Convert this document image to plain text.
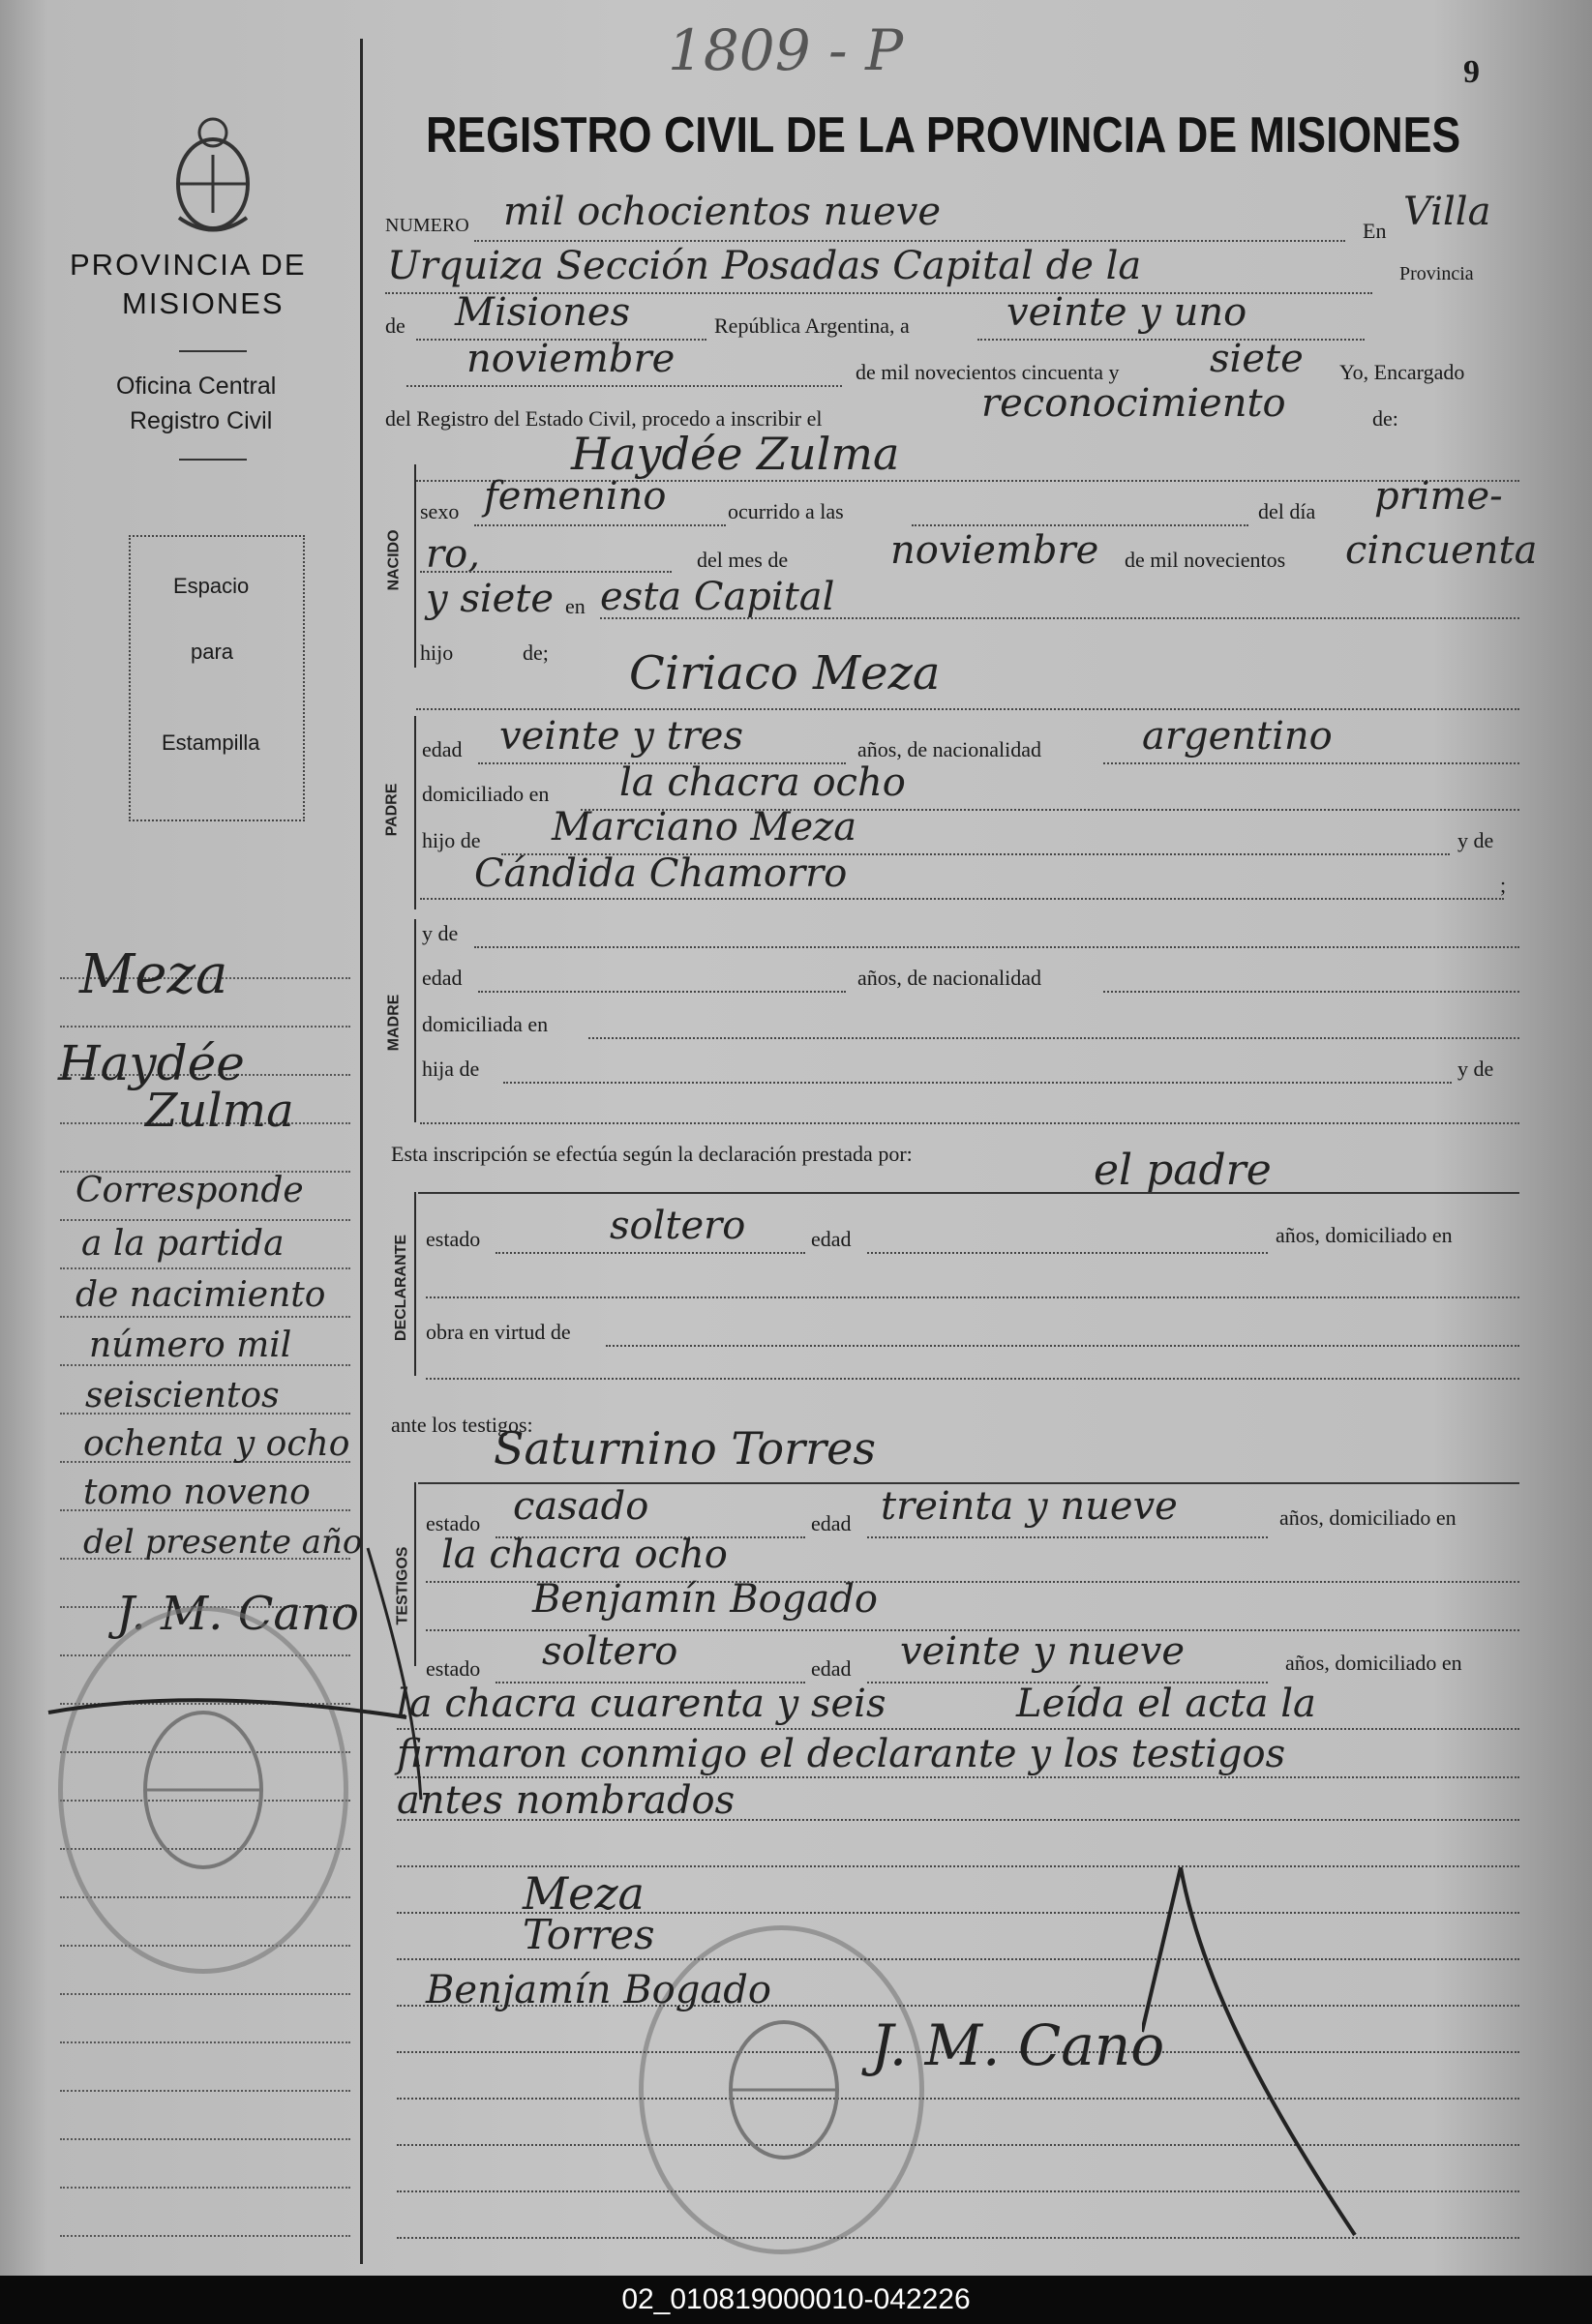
1809 - P	9
REGISTRO CIVIL DE LA PROVINCIA DE MISIONES
PROVINCIA DE
MISIONES
Oficina Central
Registro Civil
Espacio
para
Estampilla
Meza
Haydée
Zulma
Corresponde
a la partida
de nacimiento
número mil
seiscientos
ochenta y ocho
tomo noveno
del presente año
J. M. Cano
NUMERO mil ochocientos nueve	En Villa
Urquiza Sección Posadas Capital de la	Provincia
de Misiones	República Argentina, a	veinte y uno
noviembre	de mil novecientos cincuenta y siete Yo, Encargado
del Registro del Estado Civil, procedo a inscribir el	reconocimiento	de:
Haydée Zulma
NACIDO
sexo femenino	ocurrido a las	del día prime-
ro,	del mes de	noviembre de mil novecientos cincuenta
y siete en esta Capital
hijo	de; Ciriaco Meza
PADRE
edad veinte y tres	años, de nacionalidad	argentino
domiciliado en la chacra ocho
hijo de Marciano Meza	y de
Cándida Chamorro	;
MADRE
y de
edad	años, de nacionalidad
domiciliada en
hija de	y de
Esta inscripción se efectúa según la declaración prestada por:	el padre
DECLARANTE estado	soltero	edad	años, domiciliado en
obra en virtud de
ante los testigos:
Saturnino Torres
TESTIGOS
estado casado	edad treinta y nueve	años, domiciliado en
la chacra ocho
Benjamín Bogado
estado soltero	edad veinte y nueve	años, domiciliado en
la chacra cuarenta y seis	Leída el acta la
firmaron conmigo el declarante y los testigos
antes nombrados
Meza
Torres
Benjamín Bogado
J. M. Cano
02_010819000010-042226
